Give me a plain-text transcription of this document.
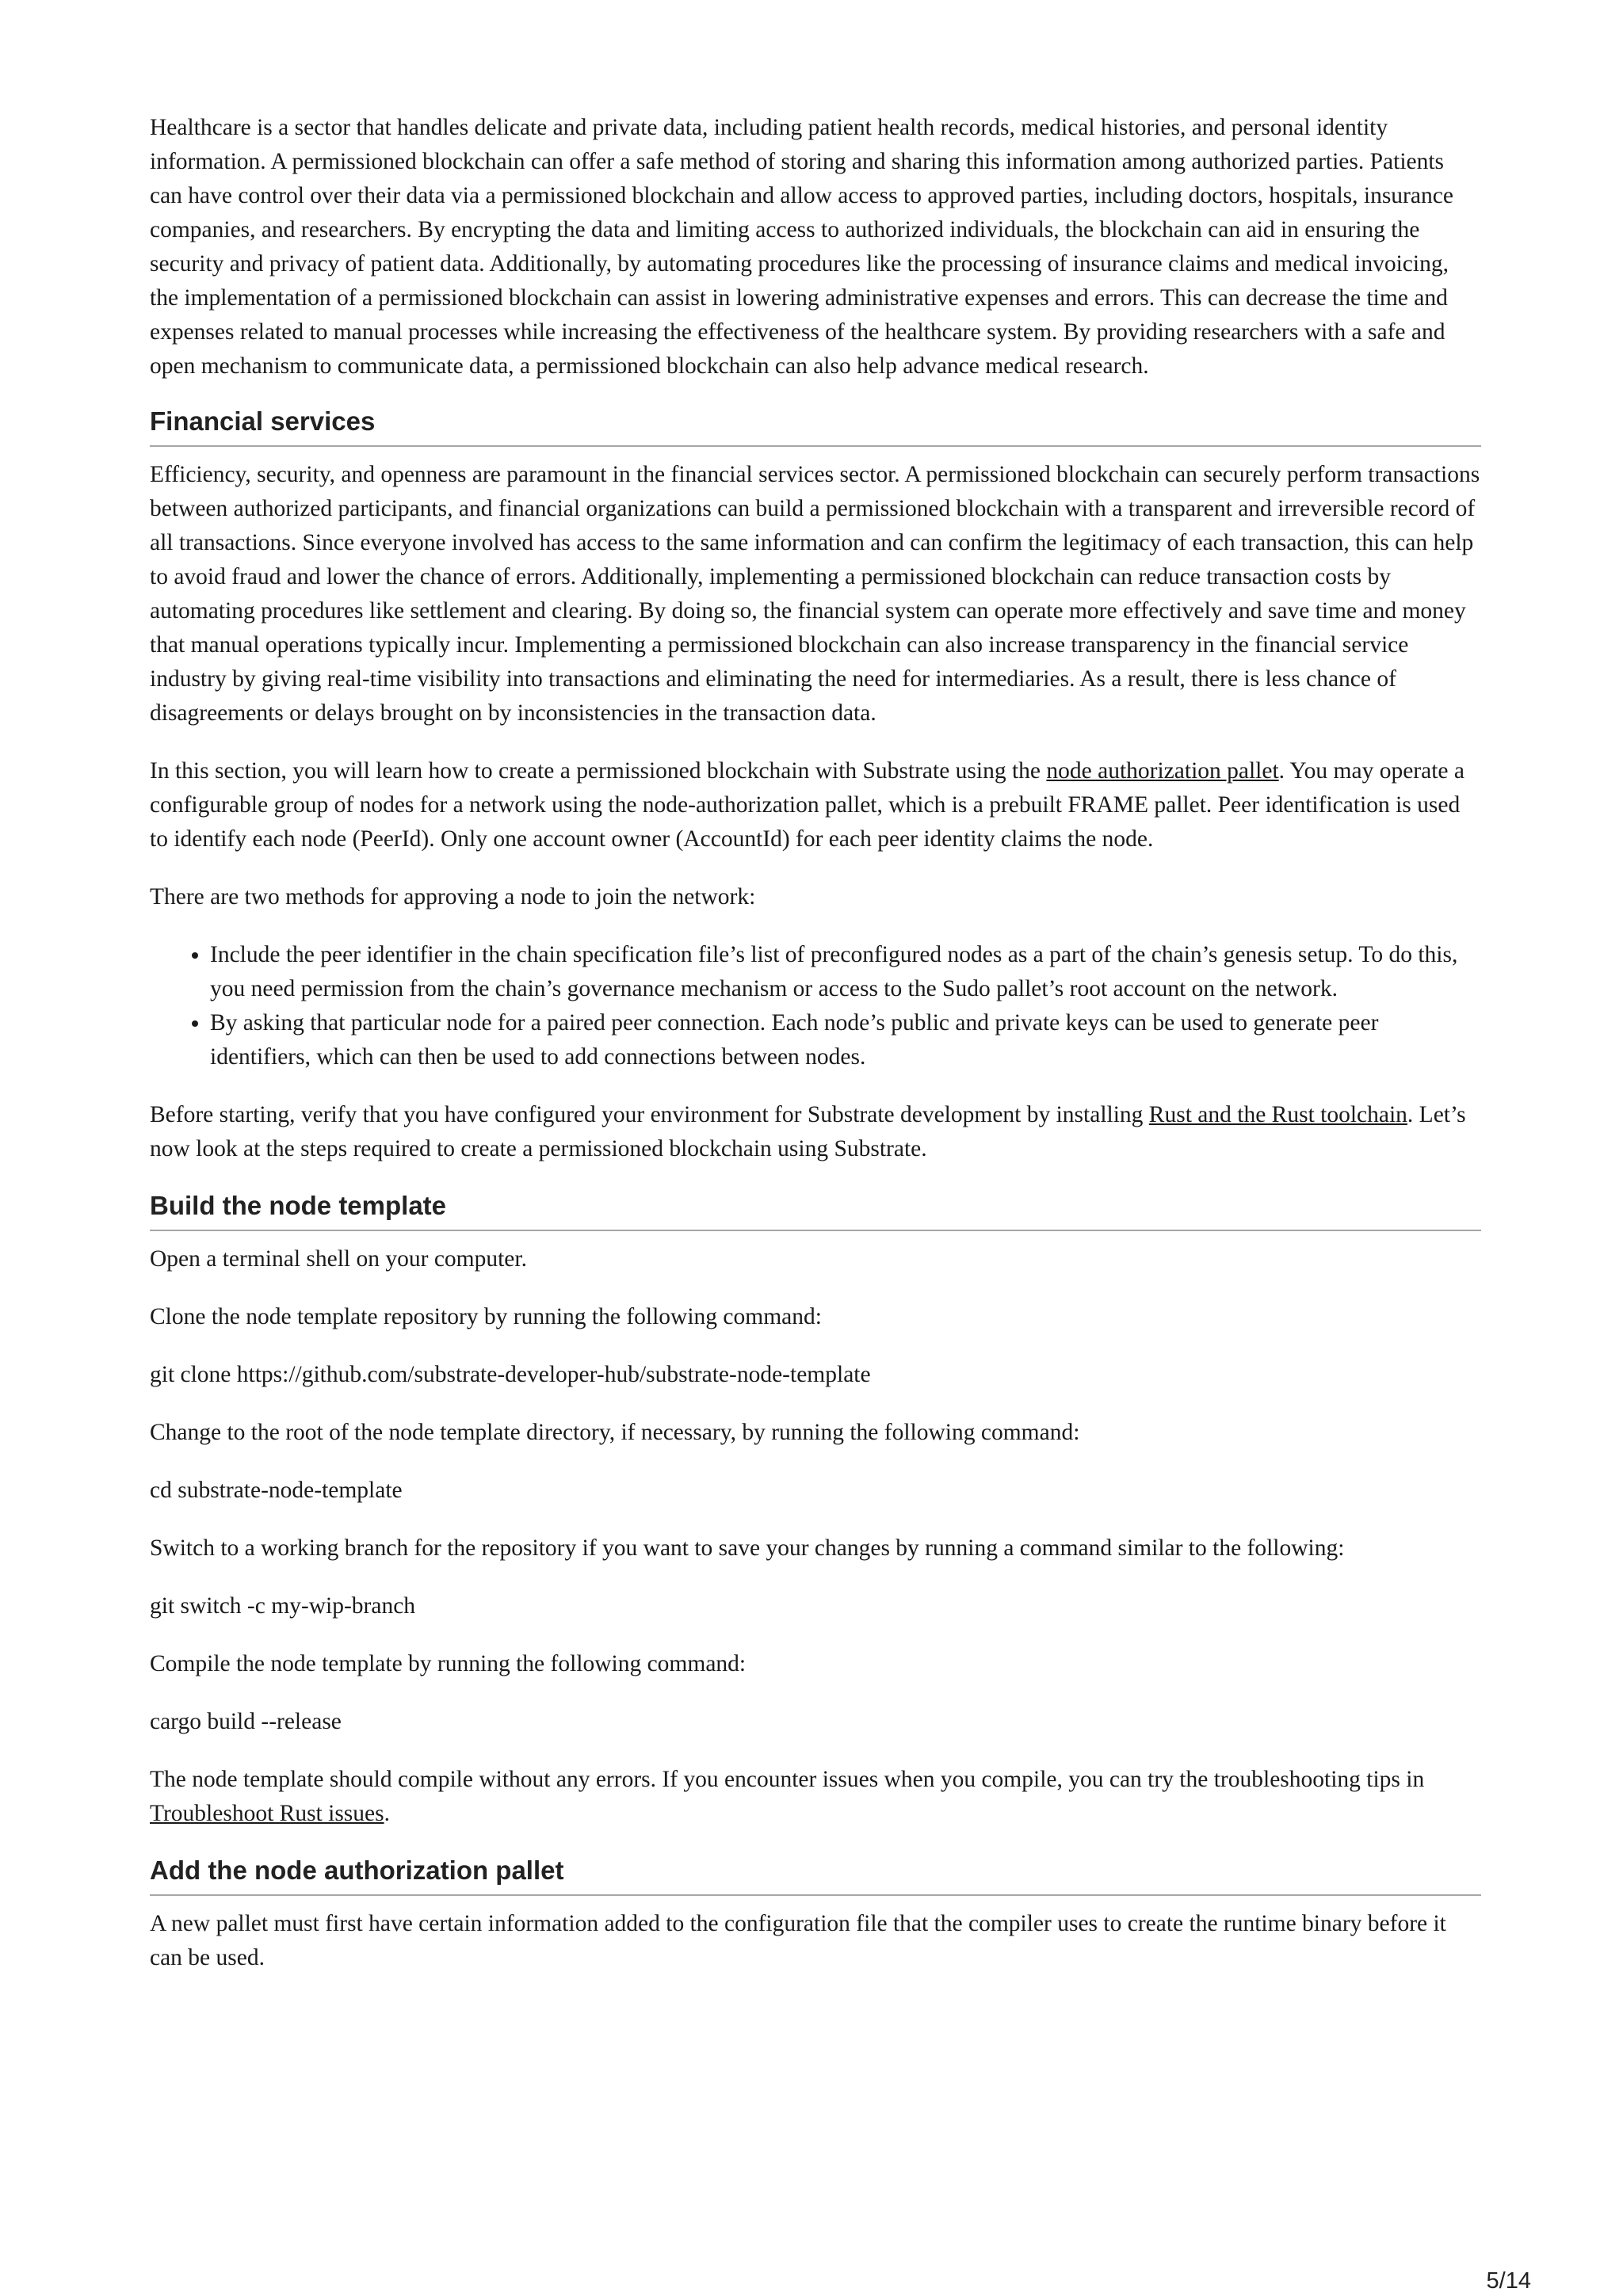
Healthcare is a sector that handles delicate and private data, including patient health records, medical histories, and personal identity information. A permissioned blockchain can offer a safe method of storing and sharing this information among authorized parties. Patients can have control over their data via a permissioned blockchain and allow access to approved parties, including doctors, hospitals, insurance companies, and researchers. By encrypting the data and limiting access to authorized individuals, the blockchain can aid in ensuring the security and privacy of patient data. Additionally, by automating procedures like the processing of insurance claims and medical invoicing, the implementation of a permissioned blockchain can assist in lowering administrative expenses and errors. This can decrease the time and expenses related to manual processes while increasing the effectiveness of the healthcare system. By providing researchers with a safe and open mechanism to communicate data, a permissioned blockchain can also help advance medical research.

Financial services

Efficiency, security, and openness are paramount in the financial services sector. A permissioned blockchain can securely perform transactions between authorized participants, and financial organizations can build a permissioned blockchain with a transparent and irreversible record of all transactions. Since everyone involved has access to the same information and can confirm the legitimacy of each transaction, this can help to avoid fraud and lower the chance of errors. Additionally, implementing a permissioned blockchain can reduce transaction costs by automating procedures like settlement and clearing. By doing so, the financial system can operate more effectively and save time and money that manual operations typically incur. Implementing a permissioned blockchain can also increase transparency in the financial service industry by giving real-time visibility into transactions and eliminating the need for intermediaries. As a result, there is less chance of disagreements or delays brought on by inconsistencies in the transaction data.

In this section, you will learn how to create a permissioned blockchain with Substrate using the node authorization pallet. You may operate a configurable group of nodes for a network using the node-authorization pallet, which is a prebuilt FRAME pallet. Peer identification is used to identify each node (PeerId). Only one account owner (AccountId) for each peer identity claims the node.

There are two methods for approving a node to join the network:

• Include the peer identifier in the chain specification file’s list of preconfigured nodes as a part of the chain’s genesis setup. To do this, you need permission from the chain’s governance mechanism or access to the Sudo pallet’s root account on the network.
• By asking that particular node for a paired peer connection. Each node’s public and private keys can be used to generate peer identifiers, which can then be used to add connections between nodes.

Before starting, verify that you have configured your environment for Substrate development by installing Rust and the Rust toolchain. Let’s now look at the steps required to create a permissioned blockchain using Substrate.

Build the node template

Open a terminal shell on your computer.

Clone the node template repository by running the following command:

git clone https://github.com/substrate-developer-hub/substrate-node-template

Change to the root of the node template directory, if necessary, by running the following command:

cd substrate-node-template

Switch to a working branch for the repository if you want to save your changes by running a command similar to the following:

git switch -c my-wip-branch

Compile the node template by running the following command:

cargo build --release

The node template should compile without any errors. If you encounter issues when you compile, you can try the troubleshooting tips in Troubleshoot Rust issues.

Add the node authorization pallet

A new pallet must first have certain information added to the configuration file that the compiler uses to create the runtime binary before it can be used.

5/14
